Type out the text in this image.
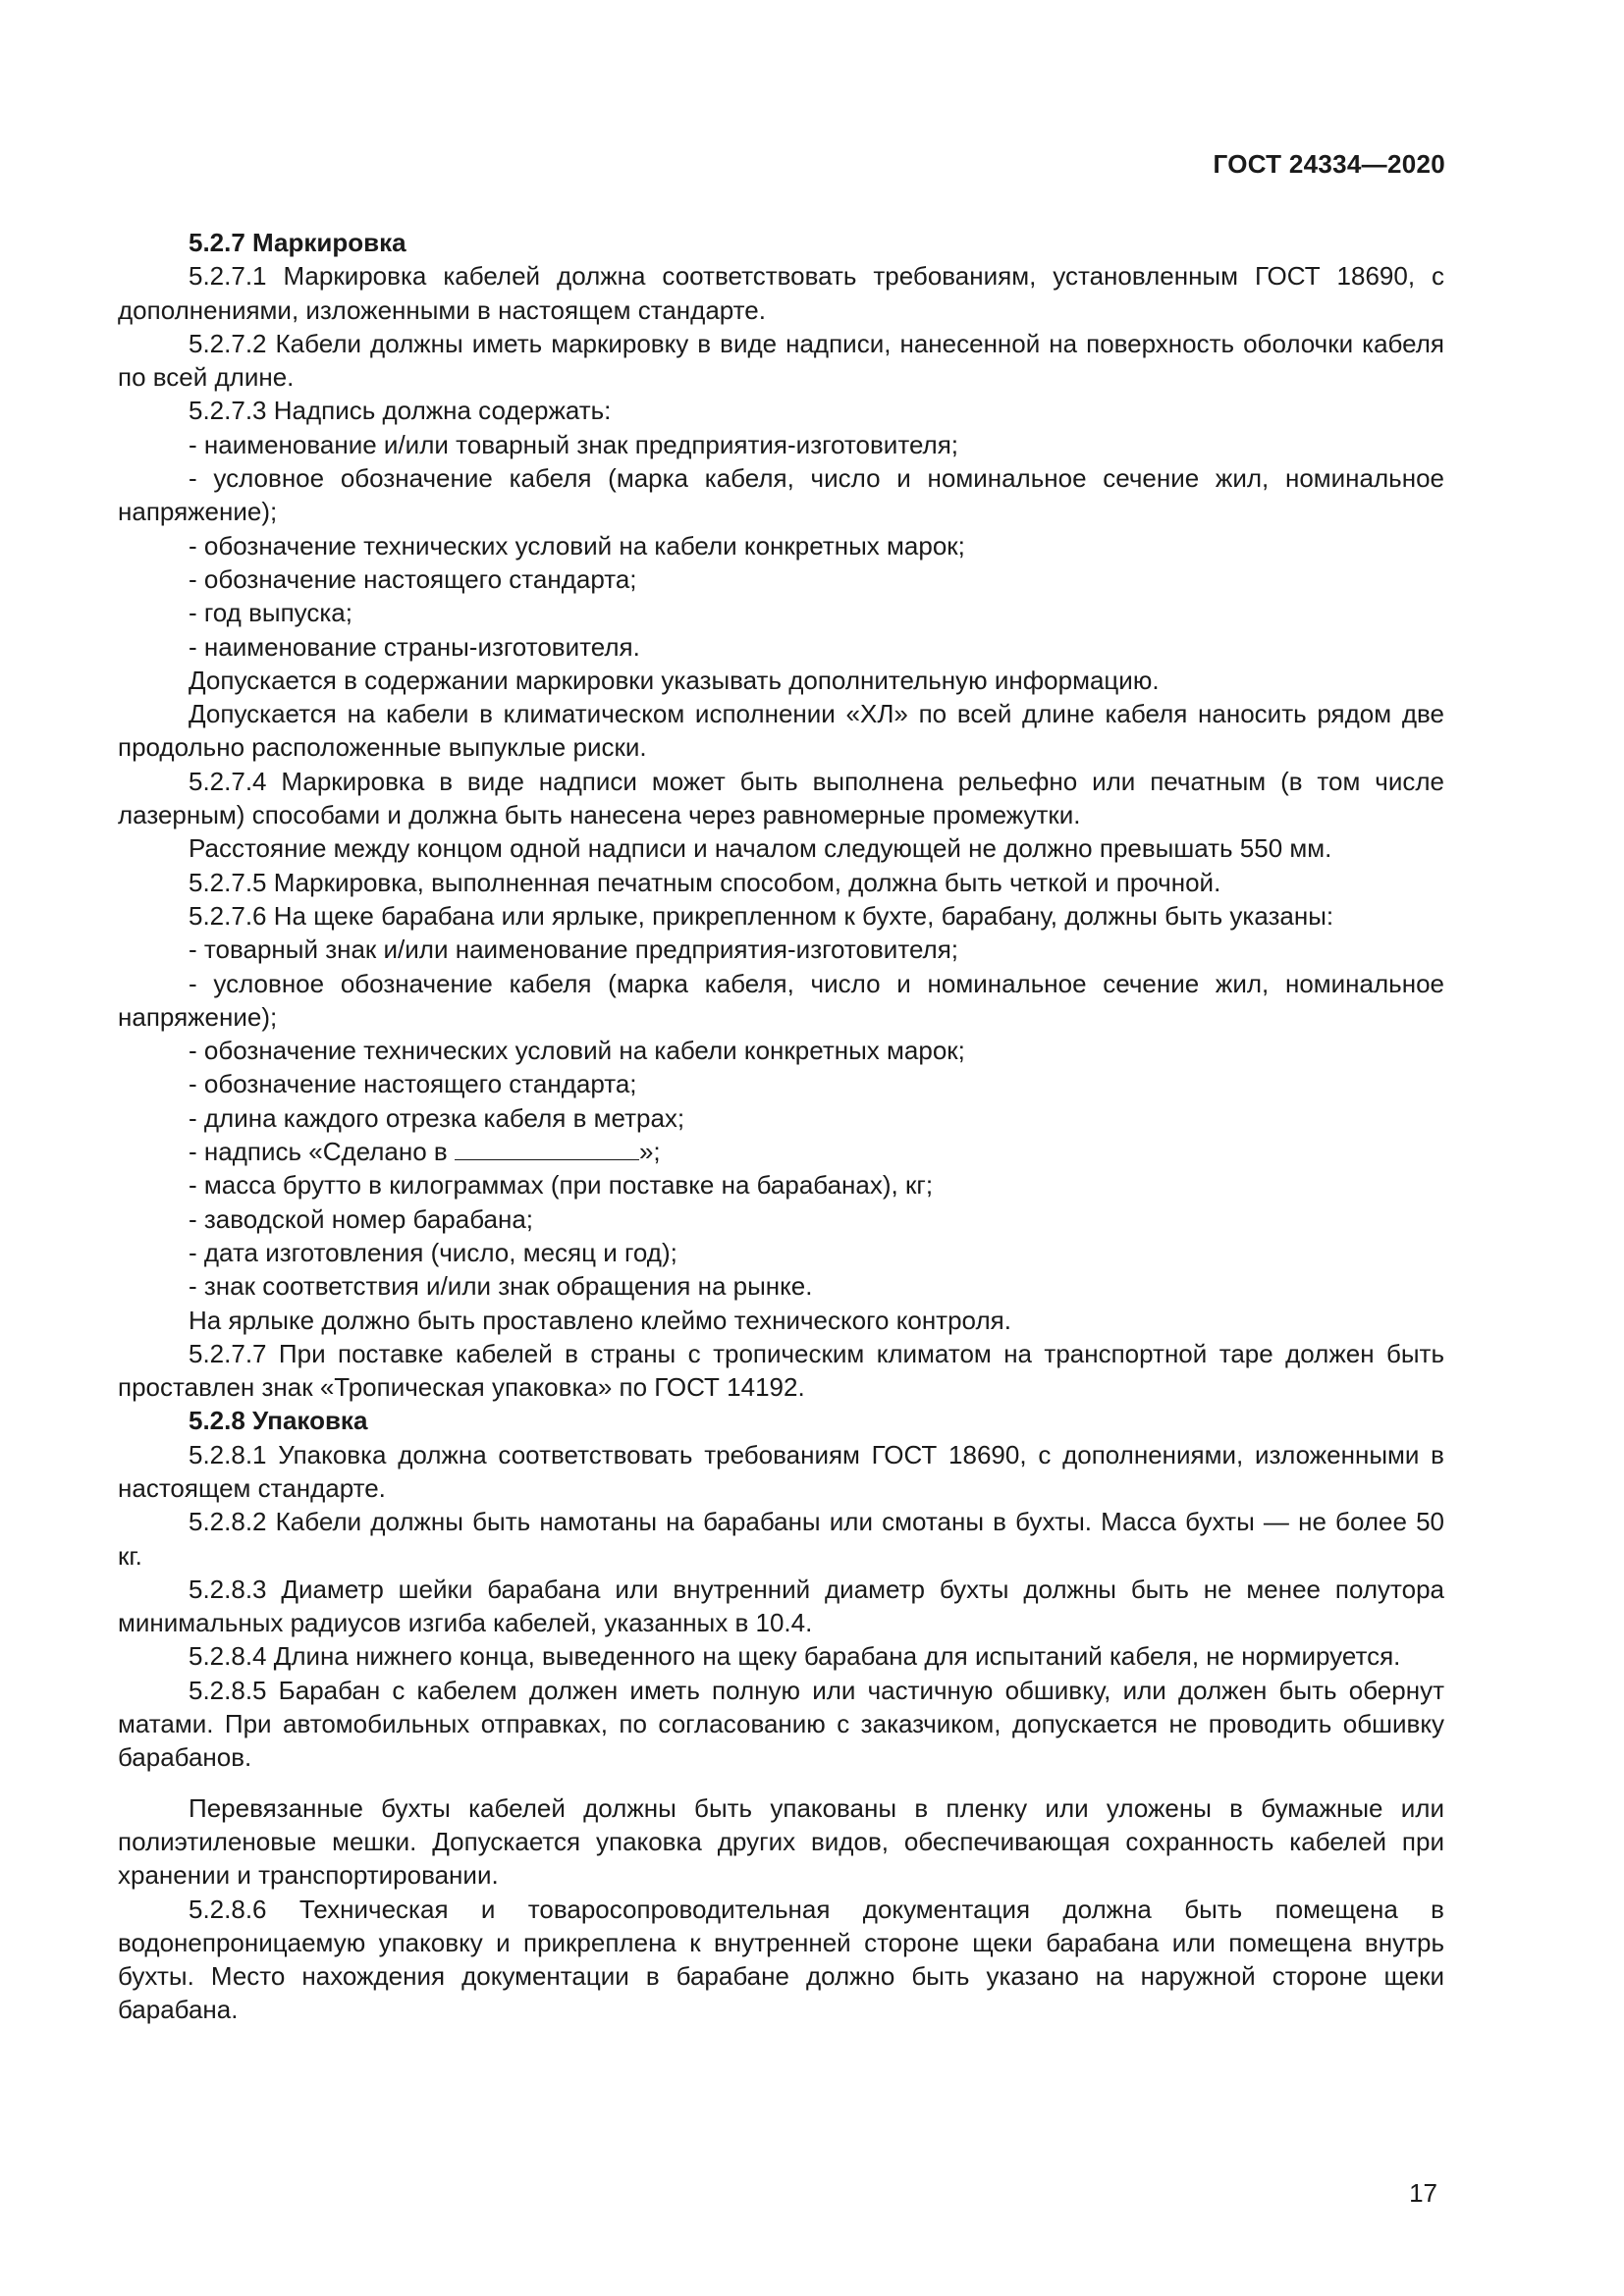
ГОСТ 24334—2020

5.2.7 Маркировка

5.2.7.1 Маркировка кабелей должна соответствовать требованиям, установленным ГОСТ 18690, с дополнениями, изложенными в настоящем стандарте.

5.2.7.2 Кабели должны иметь маркировку в виде надписи, нанесенной на поверхность оболочки кабеля по всей длине.

5.2.7.3 Надпись должна содержать:

- наименование и/или товарный знак предприятия-изготовителя;

- условное обозначение кабеля (марка кабеля, число и номинальное сечение жил, номинальное напряжение);

- обозначение технических условий на кабели конкретных марок;

- обозначение настоящего стандарта;

- год выпуска;

- наименование страны-изготовителя.

Допускается в содержании маркировки указывать дополнительную информацию.

Допускается на кабели в климатическом исполнении «ХЛ» по всей длине кабеля наносить рядом две продольно расположенные выпуклые риски.

5.2.7.4 Маркировка в виде надписи может быть выполнена рельефно или печатным (в том числе лазерным) способами и должна быть нанесена через равномерные промежутки.

Расстояние между концом одной надписи и началом следующей не должно превышать 550 мм.

5.2.7.5 Маркировка, выполненная печатным способом, должна быть четкой и прочной.

5.2.7.6 На щеке барабана или ярлыке, прикрепленном к бухте, барабану, должны быть указаны:

- товарный знак и/или наименование предприятия-изготовителя;

- условное обозначение кабеля (марка кабеля, число и номинальное сечение жил, номинальное напряжение);

- обозначение технических условий на кабели конкретных марок;

- обозначение настоящего стандарта;

- длина каждого отрезка кабеля в метрах;

- надпись «Сделано в	»;

- масса брутто в килограммах (при поставке на барабанах), кг;

- заводской номер барабана;

- дата изготовления (число, месяц и год);

- знак соответствия и/или знак обращения на рынке.

На ярлыке должно быть проставлено клеймо технического контроля.

5.2.7.7 При поставке кабелей в страны с тропическим климатом на транспортной таре должен быть проставлен знак «Тропическая упаковка» по ГОСТ 14192.

5.2.8 Упаковка

5.2.8.1 Упаковка должна соответствовать требованиям ГОСТ 18690, с дополнениями, изложенными в настоящем стандарте.

5.2.8.2 Кабели должны быть намотаны на барабаны или смотаны в бухты. Масса бухты — не более 50 кг.

5.2.8.3 Диаметр шейки барабана или внутренний диаметр бухты должны быть не менее полутора минимальных радиусов изгиба кабелей, указанных в 10.4.

5.2.8.4 Длина нижнего конца, выведенного на щеку барабана для испытаний кабеля, не нормируется.

5.2.8.5 Барабан с кабелем должен иметь полную или частичную обшивку, или должен быть обернут матами. При автомобильных отправках, по согласованию с заказчиком, допускается не проводить обшивку барабанов.

Перевязанные бухты кабелей должны быть упакованы в пленку или уложены в бумажные или полиэтиленовые мешки. Допускается упаковка других видов, обеспечивающая сохранность кабелей при хранении и транспортировании.

5.2.8.6 Техническая и товаросопроводительная документация должна быть помещена в водонепроницаемую упаковку и прикреплена к внутренней стороне щеки барабана или помещена внутрь бухты. Место нахождения документации в барабане должно быть указано на наружной стороне щеки барабана.

17
